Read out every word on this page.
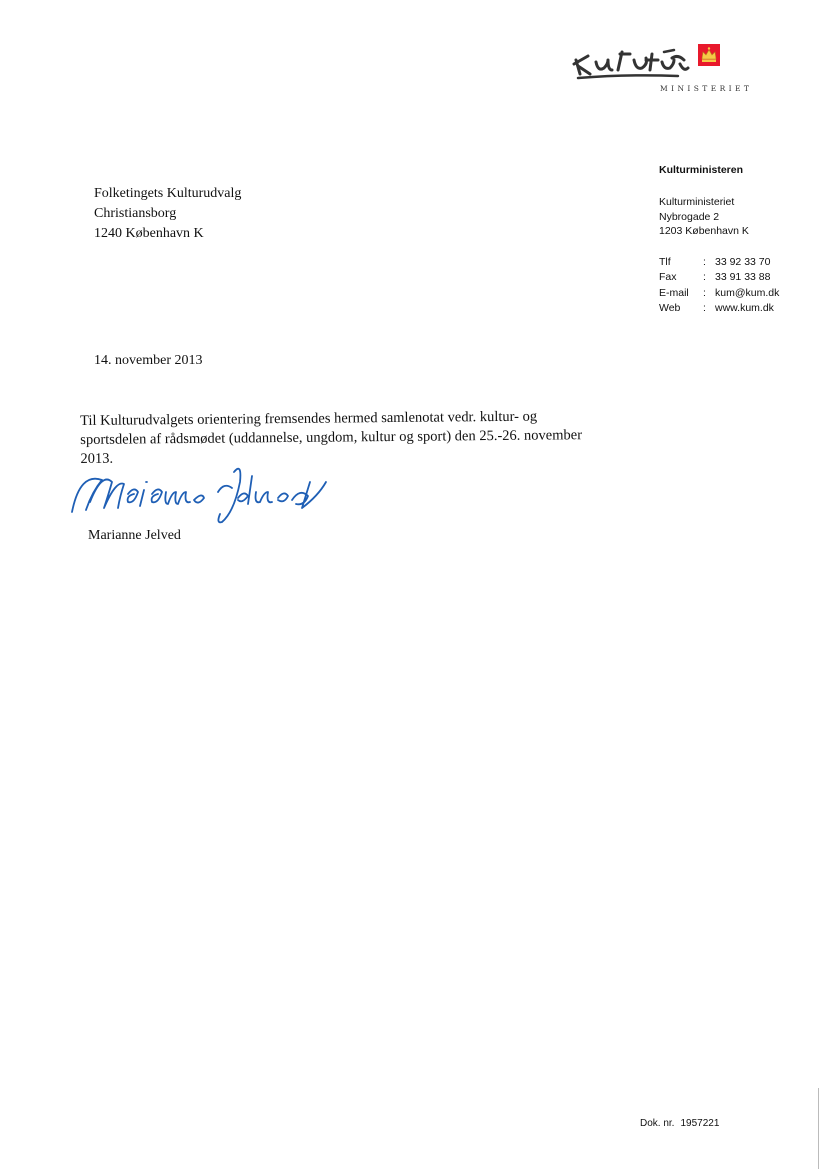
MINISTERIET
Folketingets Kulturudvalg
Christiansborg
1240 København K
Kulturministeren
Kulturministeriet
Nybrogade 2
1203 København K
Tlf	: 33 92 33 70
Fax	: 33 91 33 88
E-mail	: kum@kum.dk
Web	: www.kum.dk
14. november 2013
Til Kulturudvalgets orientering fremsendes hermed samlenotat vedr. kultur- og
sportsdelen af rådsmødet (uddannelse, ungdom, kultur og sport) den 25.-26. november
2013.
Marianne Jelved
Dok. nr. 1957221
